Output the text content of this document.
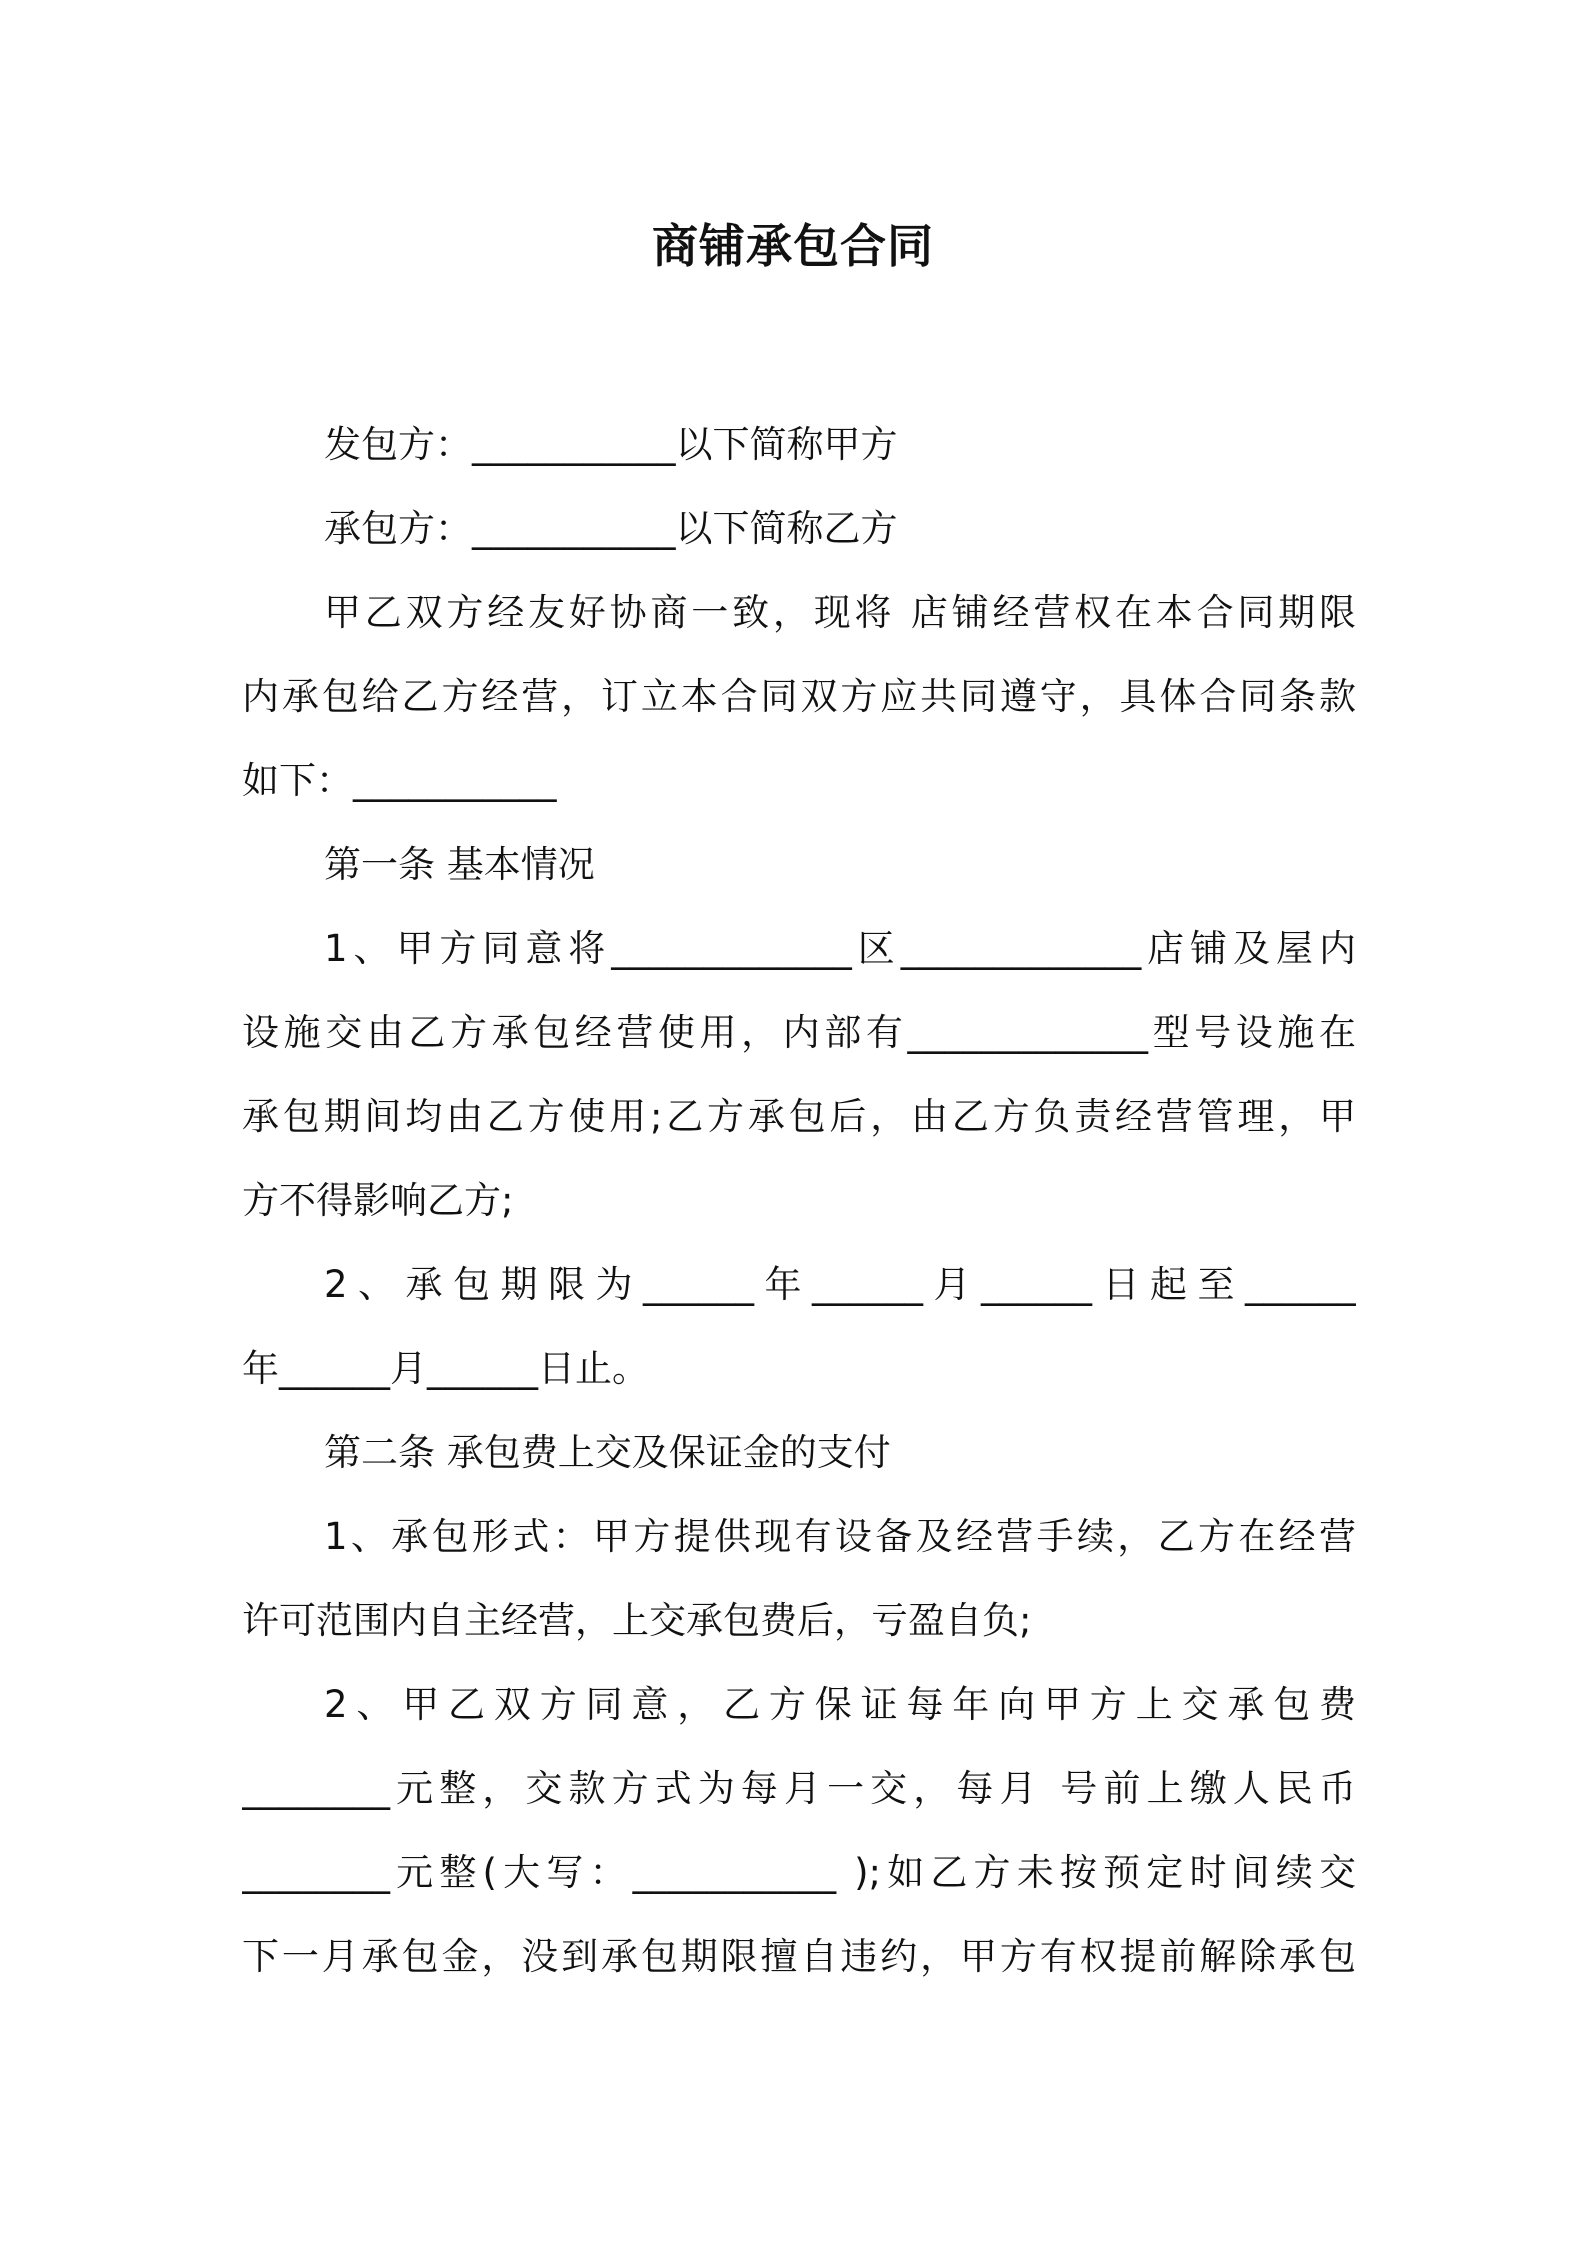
商铺承包合同

发包方：___________以下简称甲方

承包方：___________以下简称乙方

甲乙双方经友好协商一致，现将 店铺经营权在本合同期限

内承包给乙方经营，订立本合同双方应共同遵守，具体合同条款

如下：___________

第一条 基本情况

1、甲方同意将_____________区_____________店铺及屋内

设施交由乙方承包经营使用，内部有_____________型号设施在

承包期间均由乙方使用;乙方承包后，由乙方负责经营管理，甲

方不得影响乙方;

2、承包期限为______年______月______日起至______

年______月______日止。

第二条 承包费上交及保证金的支付

1、承包形式：甲方提供现有设备及经营手续，乙方在经营

许可范围内自主经营，上交承包费后，亏盈自负;

2、甲乙双方同意，乙方保证每年向甲方上交承包费

________元整，交款方式为每月一交，每月 号前上缴人民币

________元整(大写：___________ );如乙方未按预定时间续交

下一月承包金，没到承包期限擅自违约，甲方有权提前解除承包
